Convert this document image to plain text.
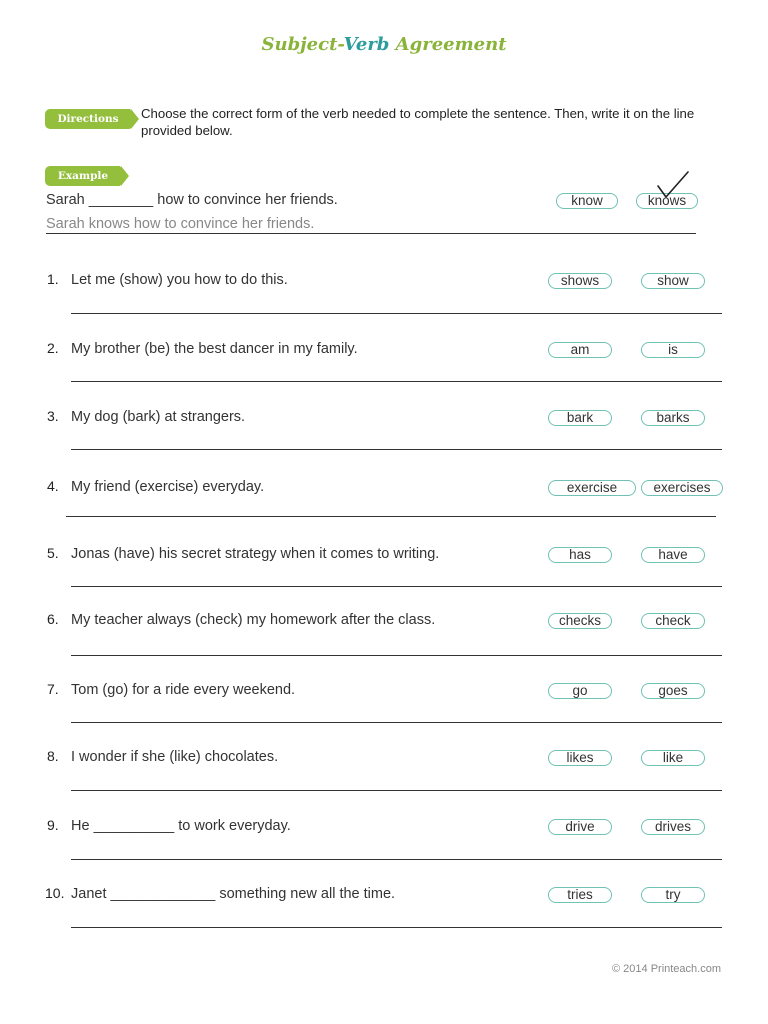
Subject-Verb Agreement
Directions	Choose the correct form of the verb needed to complete the sentence. Then, write it on the line provided below.
Example
Sarah ________ how to convince her friends.
Sarah knows how to convince her friends.
know	knows
1. Let me (show) you how to do this.	shows	show
2. My brother (be) the best dancer in my family.	am	is
3. My dog (bark) at strangers.	bark	barks
4. My friend (exercise) everyday.	exercise	exercises
5. Jonas (have) his secret strategy when it comes to writing.	has	have
6. My teacher always (check) my homework after the class.	checks	check
7. Tom (go) for a ride every weekend.	go	goes
8. I wonder if she (like) chocolates.	likes	like
9. He __________ to work everyday.	drive	drives
10. Janet _____________ something new all the time.	tries	try
© 2014 Printeach.com
